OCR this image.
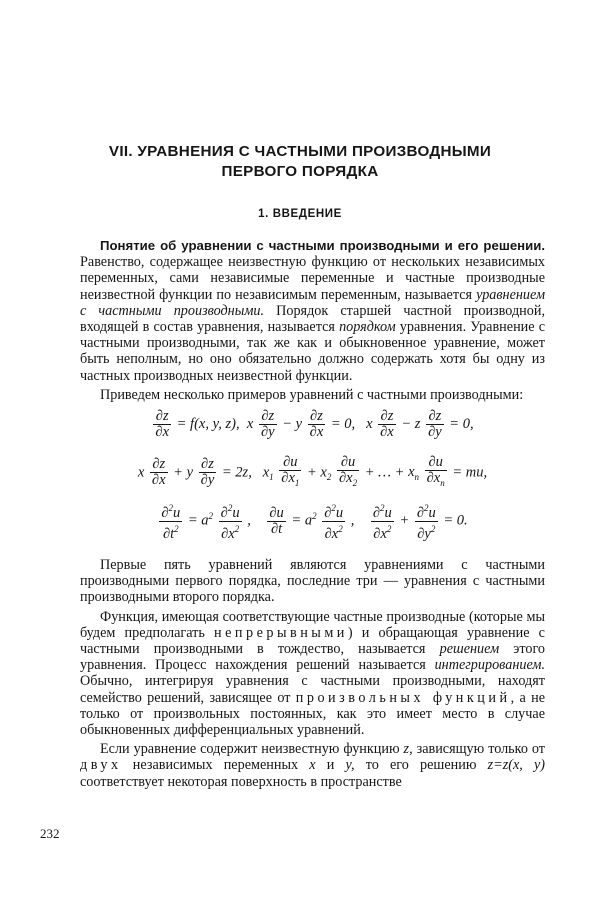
VII. УРАВНЕНИЯ С ЧАСТНЫМИ ПРОИЗВОДНЫМИ
ПЕРВОГО ПОРЯДКА
1. ВВЕДЕНИЕ

Понятие об уравнении с частными производными и его решении. Равенство, содержащее неизвестную функцию от нескольких независимых переменных, сами независимые переменные и частные производные неизвестной функции по независимым переменным, называется уравнением с частными производными. Порядок старшей частной производной, входящей в состав уравнения, называется порядком уравнения. Уравнение с частными производными, так же как и обыкновенное уравнение, может быть неполным, но оно обязательно должно содержать хотя бы одну из частных производных неизвестной функции.

Приведем несколько примеров уравнений с частными производными:

$\frac{\partial z}{\partial x} = f(x$, y, z),  x $\frac{\partial z}{\partial y} - y \frac{\partial z}{\partial x} = 0$,   x $\frac{\partial z}{\partial x} - z \frac{\partial z}{\partial y} = 0$,
x $\frac{\partial z}{\partial x} + y \frac{\partial z}{\partial y} = 2z$,   $x_1 \frac{\partial u}{\partial x_1} + x_2 \frac{\partial u}{\partial x_2}$ + … + $x_n \frac{\partial u}{\partial x_n}$ = mu,
$\frac{\partial^2u}{\partial t^2} = a^2 \frac{\partial^2u}{\partial x^2}$ , $\frac{\partial u}{\partial t} = a^2 \frac{\partial^2u}{\partial x^2}$ , $\frac{\partial^2u}{\partial x^2} + \frac{\partial^2u}{\partial y^2} = 0$.

Первые пять уравнений являются уравнениями с частными производными первого порядка, последние три — уравнения с частными производными второго порядка.

Функция, имеющая соответствующие частные производные (которые мы будем предполагать непрерывными) и обращающая уравнение с частными производными в тождество, называется решением этого уравнения. Процесс нахождения решений называется интегрированием. Обычно, интегрируя уравнения с частными производными, находят семейство решений, зависящее от произвольных функций, а не только от произвольных постоянных, как это имеет место в случае обыкновенных дифференциальных уравнений.

Если уравнение содержит неизвестную функцию z, зависящую только от двух независимых переменных x и y, то его решению z=z(x, y) соответствует некоторая поверхность в пространстве

232
